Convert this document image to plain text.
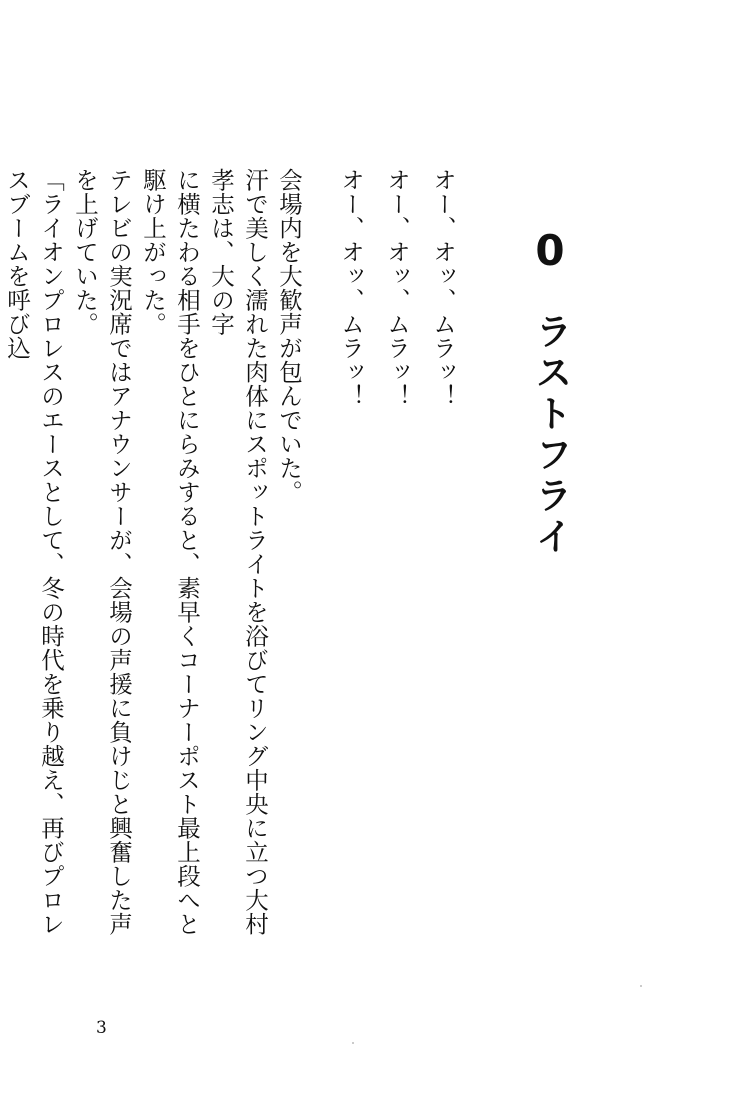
0
ラストフライ

オー、オッ、ムラッ！

オー、オッ、ムラッ！

オー、オッ、ムラッ！

会場内を大歓声が包んでいた。

汗で美しく濡れた肉体にスポットライトを浴びてリング中央に立つ大村孝志は、大の字

に横たわる相手をひとにらみすると、素早くコーナーポスト最上段へと駆け上がった。

テレビの実況席ではアナウンサーが、会場の声援に負けじと興奮した声を上げていた。

「ライオンプロレスのエースとして、冬の時代を乗り越え、再びプロレスブームを呼び込

3
